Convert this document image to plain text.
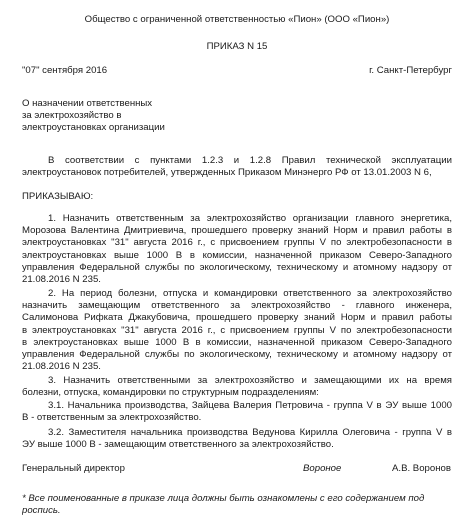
Общество с ограниченной ответственностью «Пион» (ООО «Пион»)
ПРИКАЗ N 15
"07" сентября 2016	г. Санкт-Петербург
О назначении ответственных
за электрохозяйство в
электроустановках организации
В соответствии с пунктами 1.2.3 и 1.2.8 Правил технической эксплуатации
электроустановок потребителей, утвержденных Приказом Минэнерго РФ от 13.01.2003 N 6,
ПРИКАЗЫВАЮ:
1. Назначить ответственным за электрохозяйство организации главного энергетика,
Морозова Валентина Дмитриевича, прошедшего проверку знаний Норм и правил работы в
электроустановках "31" августа 2016 г., с присвоением группы V по электробезопасности в
электроустановках выше 1000 В в комиссии, назначенной приказом Северо-Западного
управления Федеральной службы по экологическому, техническому и атомному надзору от
21.08.2016 N 235.
2. На период болезни, отпуска и командировки ответственного за электрохозяйство
назначить замещающим ответственного за электрохозяйство - главного инженера,
Салимонова Рифката Джакубовича, прошедшего проверку знаний Норм и правил работы
в электроустановках "31" августа 2016 г., с присвоением группы V по электробезопасности
в электроустановках выше 1000 В в комиссии, назначенной приказом Северо-Западного
управления Федеральной службы по экологическому, техническому и атомному надзору от
21.08.2016 N 235.
3. Назначить ответственными за электрохозяйство и замещающими их на время
болезни, отпуска, командировки по структурным подразделениям:
3.1. Начальника производства, Зайцева Валерия Петровича - группа V в ЭУ выше 1000
В - ответственным за электрохозяйство.
3.2. Заместителя начальника производства Ведунова Кирилла Олеговича - группа V в
ЭУ выше 1000 В - замещающим ответственного за электрохозяйство.
Генеральный директор	Вороное	А.В. Воронов
* Все поименованные в приказе лица должны быть ознакомлены с его содержанием под
роспись.
